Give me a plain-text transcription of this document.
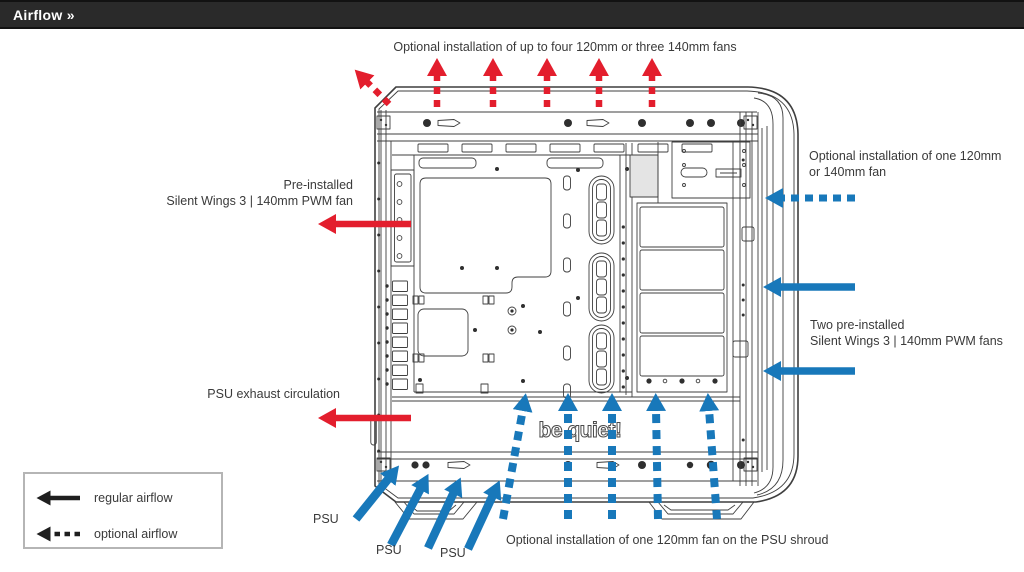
be quiet!
Airflow »
Optional installation of up to four 120mm or three 140mm fans
Pre-installed
Silent Wings 3 | 140mm PWM fan
PSU exhaust circulation
Optional installation of one 120mm
or 140mm fan
Two pre-installed
Silent Wings 3 | 140mm PWM fans
PSU
PSU	PSU
Optional installation of one 120mm fan on the PSU shroud
regular airflow
optional airflow
